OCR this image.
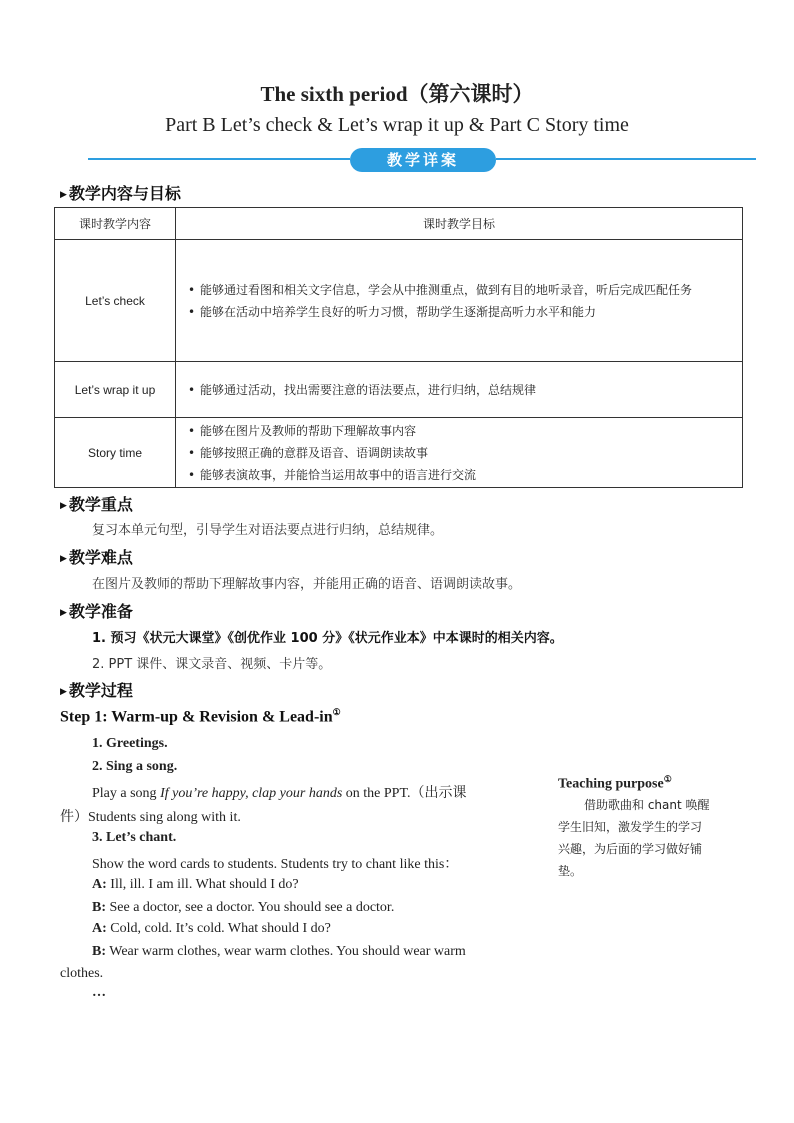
The sixth period（第六课时）
Part B Let’s check & Let’s wrap it up & Part C Story time
教学详案
▶ 教学内容与目标
课时教学内容	课时教学目标
Let’s check	• 能够通过看图和相关文字信息，学会从中推测重点，做到有目的地听录音，听后完成匹配任务
• 能够在活动中培养学生良好的听力习惯，帮助学生逐渐提高听力水平和能力

Let’s wrap it up	• 能够通过活动，找出需要注意的语法要点，进行归纳，总结规律

Story time	• 能够在图片及教师的帮助下理解故事内容
• 能够按照正确的意群及语音、语调朗读故事
• 能够表演故事，并能恰当运用故事中的语言进行交流
▶ 教学重点
复习本单元句型，引导学生对语法要点进行归纳，总结规律。
▶ 教学难点
在图片及教师的帮助下理解故事内容，并能用正确的语音、语调朗读故事。
▶ 教学准备
1. 预习《状元大课堂》《创优作业 100 分》《状元作业本》中本课时的相关内容。
2. PPT 课件、课文录音、视频、卡片等。
▶ 教学过程
Step 1: Warm-up & Revision & Lead-in①
1. Greetings.
2. Sing a song.
Play a song If you’re happy, clap your hands on the PPT.（出示课
件）Students sing along with it.
3. Let’s chant.
Show the word cards to students. Students try to chant like this：
A: Ill, ill. I am ill. What should I do?
B: See a doctor, see a doctor. You should see a doctor.
A: Cold, cold. It’s cold. What should I do?
B: Wear warm clothes, wear warm clothes. You should wear warm
clothes.
…
Teaching purpose①
借助歌曲和 chant 唤醒
学生旧知，激发学生的学习
兴趣，为后面的学习做好铺
垫。
